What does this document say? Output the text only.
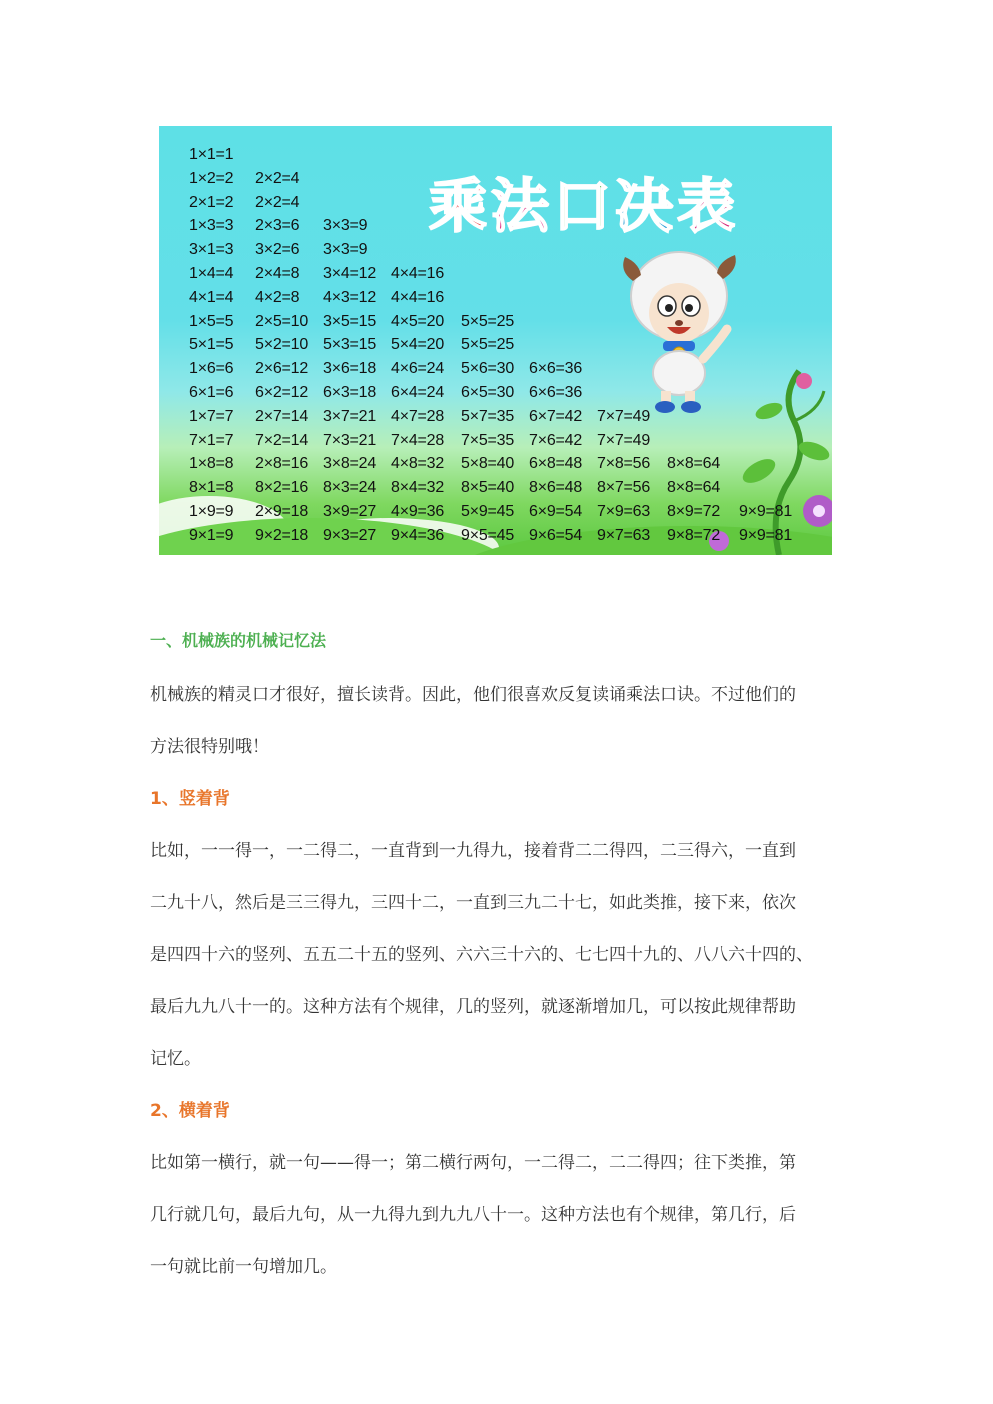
乘 法 口 决 表
1×1=1
1×2=2 2×2=4
2×1=2 2×2=4
1×3=3 2×3=6 3×3=9
3×1=3 3×2=6 3×3=9
1×4=4 2×4=8 3×4=12 4×4=16
4×1=4 4×2=8 4×3=12 4×4=16
1×5=5 2×5=10 3×5=15 4×5=20 5×5=25
5×1=5 5×2=10 5×3=15 5×4=20 5×5=25
1×6=6 2×6=12 3×6=18 4×6=24 5×6=30 6×6=36
6×1=6 6×2=12 6×3=18 6×4=24 6×5=30 6×6=36
1×7=7 2×7=14 3×7=21 4×7=28 5×7=35 6×7=42 7×7=49
7×1=7 7×2=14 7×3=21 7×4=28 7×5=35 7×6=42 7×7=49
1×8=8 2×8=16 3×8=24 4×8=32 5×8=40 6×8=48 7×8=56 8×8=64
8×1=8 8×2=16 8×3=24 8×4=32 8×5=40 8×6=48 8×7=56 8×8=64
1×9=9 2×9=18 3×9=27 4×9=36 5×9=45 6×9=54 7×9=63 8×9=72 9×9=81
9×1=9 9×2=18 9×3=27 9×4=36 9×5=45 9×6=54 9×7=63 9×8=72 9×9=81
一、机械族的机械记忆法

机械族的精灵口才很好，擅长读背。因此，他们很喜欢反复读诵乘法口诀。不过他们的

方法很特别哦！

1、竖着背

比如，一一得一，一二得二，一直背到一九得九，接着背二二得四，二三得六，一直到

二九十八，然后是三三得九，三四十二，一直到三九二十七，如此类推，接下来，依次

是四四十六的竖列、五五二十五的竖列、六六三十六的、七七四十九的、八八六十四的、

最后九九八十一的。这种方法有个规律，几的竖列，就逐渐增加几，可以按此规律帮助

记忆。

2、横着背

比如第一横行，就一句——得一；第二横行两句，一二得二，二二得四；往下类推，第

几行就几句，最后九句，从一九得九到九九八十一。这种方法也有个规律，第几行，后

一句就比前一句增加几。
